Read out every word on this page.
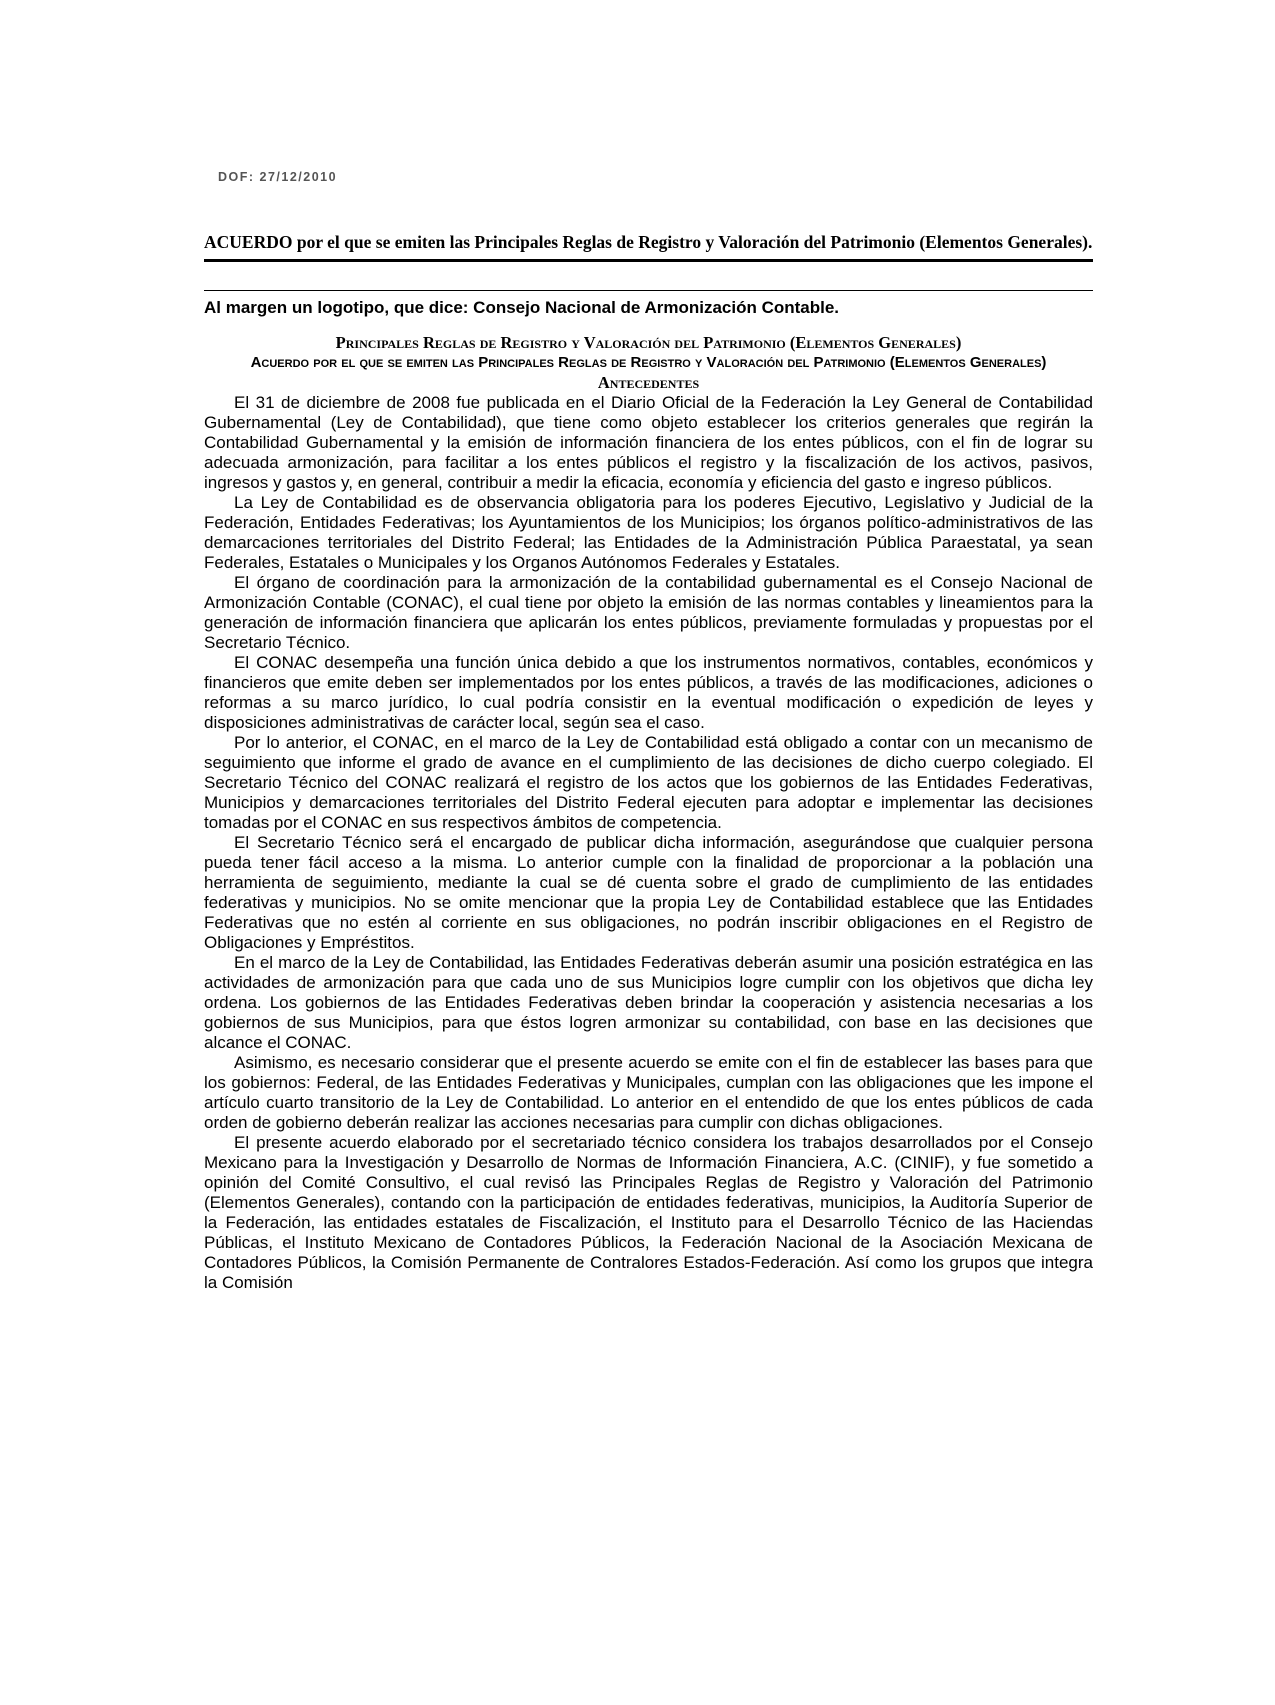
DOF: 27/12/2010

ACUERDO por el que se emiten las Principales Reglas de Registro y Valoración del Patrimonio (Elementos Generales).

Al margen un logotipo, que dice: Consejo Nacional de Armonización Contable.

Principales Reglas de Registro y Valoración del Patrimonio (Elementos Generales)

Acuerdo por el que se emiten las Principales Reglas de Registro y Valoración del Patrimonio (Elementos Generales)

Antecedentes

El 31 de diciembre de 2008 fue publicada en el Diario Oficial de la Federación la Ley General de Contabilidad Gubernamental (Ley de Contabilidad), que tiene como objeto establecer los criterios generales que regirán la Contabilidad Gubernamental y la emisión de información financiera de los entes públicos, con el fin de lograr su adecuada armonización, para facilitar a los entes públicos el registro y la fiscalización de los activos, pasivos, ingresos y gastos y, en general, contribuir a medir la eficacia, economía y eficiencia del gasto e ingreso públicos.

La Ley de Contabilidad es de observancia obligatoria para los poderes Ejecutivo, Legislativo y Judicial de la Federación, Entidades Federativas; los Ayuntamientos de los Municipios; los órganos político-administrativos de las demarcaciones territoriales del Distrito Federal; las Entidades de la Administración Pública Paraestatal, ya sean Federales, Estatales o Municipales y los Organos Autónomos Federales y Estatales.

El órgano de coordinación para la armonización de la contabilidad gubernamental es el Consejo Nacional de Armonización Contable (CONAC), el cual tiene por objeto la emisión de las normas contables y lineamientos para la generación de información financiera que aplicarán los entes públicos, previamente formuladas y propuestas por el Secretario Técnico.

El CONAC desempeña una función única debido a que los instrumentos normativos, contables, económicos y financieros que emite deben ser implementados por los entes públicos, a través de las modificaciones, adiciones o reformas a su marco jurídico, lo cual podría consistir en la eventual modificación o expedición de leyes y disposiciones administrativas de carácter local, según sea el caso.

Por lo anterior, el CONAC, en el marco de la Ley de Contabilidad está obligado a contar con un mecanismo de seguimiento que informe el grado de avance en el cumplimiento de las decisiones de dicho cuerpo colegiado. El Secretario Técnico del CONAC realizará el registro de los actos que los gobiernos de las Entidades Federativas, Municipios y demarcaciones territoriales del Distrito Federal ejecuten para adoptar e implementar las decisiones tomadas por el CONAC en sus respectivos ámbitos de competencia.

El Secretario Técnico será el encargado de publicar dicha información, asegurándose que cualquier persona pueda tener fácil acceso a la misma. Lo anterior cumple con la finalidad de proporcionar a la población una herramienta de seguimiento, mediante la cual se dé cuenta sobre el grado de cumplimiento de las entidades federativas y municipios. No se omite mencionar que la propia Ley de Contabilidad establece que las Entidades Federativas que no estén al corriente en sus obligaciones, no podrán inscribir obligaciones en el Registro de Obligaciones y Empréstitos.

En el marco de la Ley de Contabilidad, las Entidades Federativas deberán asumir una posición estratégica en las actividades de armonización para que cada uno de sus Municipios logre cumplir con los objetivos que dicha ley ordena. Los gobiernos de las Entidades Federativas deben brindar la cooperación y asistencia necesarias a los gobiernos de sus Municipios, para que éstos logren armonizar su contabilidad, con base en las decisiones que alcance el CONAC.

Asimismo, es necesario considerar que el presente acuerdo se emite con el fin de establecer las bases para que los gobiernos: Federal, de las Entidades Federativas y Municipales, cumplan con las obligaciones que les impone el artículo cuarto transitorio de la Ley de Contabilidad. Lo anterior en el entendido de que los entes públicos de cada orden de gobierno deberán realizar las acciones necesarias para cumplir con dichas obligaciones.

El presente acuerdo elaborado por el secretariado técnico considera los trabajos desarrollados por el Consejo Mexicano para la Investigación y Desarrollo de Normas de Información Financiera, A.C. (CINIF), y fue sometido a opinión del Comité Consultivo, el cual revisó las Principales Reglas de Registro y Valoración del Patrimonio (Elementos Generales), contando con la participación de entidades federativas, municipios, la Auditoría Superior de la Federación, las entidades estatales de Fiscalización, el Instituto para el Desarrollo Técnico de las Haciendas Públicas, el Instituto Mexicano de Contadores Públicos, la Federación Nacional de la Asociación Mexicana de Contadores Públicos, la Comisión Permanente de Contralores Estados-Federación. Así como los grupos que integra la Comisión
